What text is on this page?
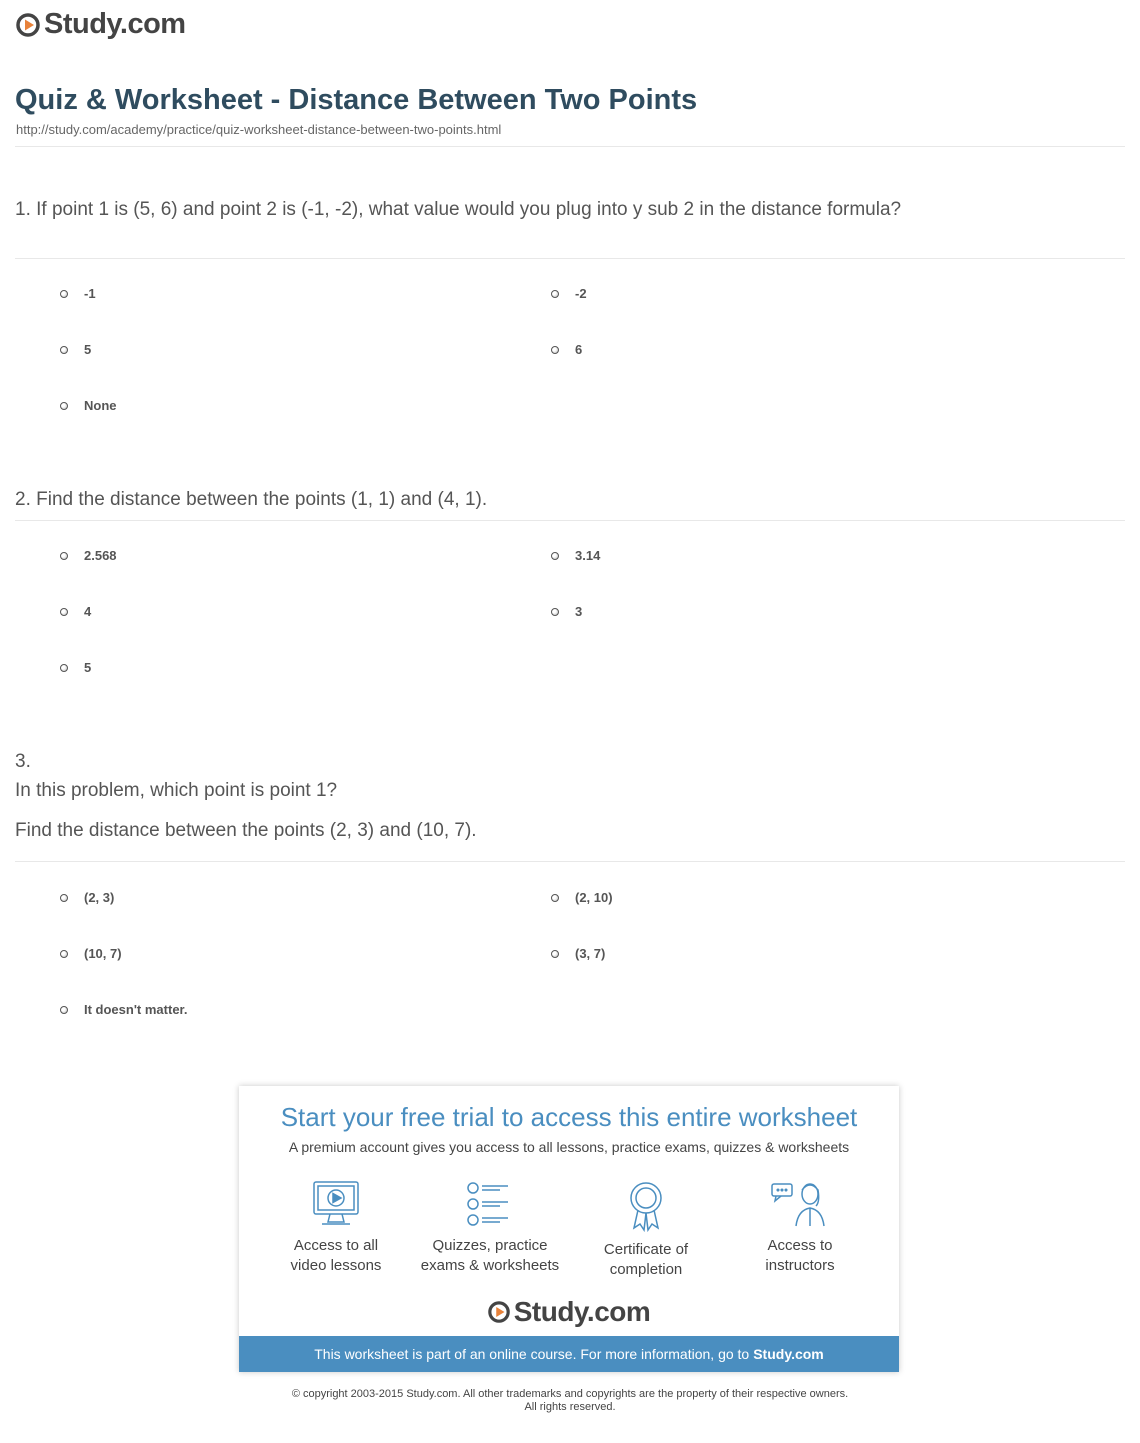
Study.com
Quiz & Worksheet - Distance Between Two Points
http://study.com/academy/practice/quiz-worksheet-distance-between-two-points.html
1. If point 1 is (5, 6) and point 2 is (-1, -2), what value would you plug into y sub 2 in the distance formula?
-1	-2
5	6
None
2. Find the distance between the points (1, 1) and (4, 1).
2.568	3.14
4	3
5
3.
In this problem, which point is point 1?
Find the distance between the points (2, 3) and (10, 7).
(2, 3)	(2, 10)
(10, 7)	(3, 7)
It doesn't matter.
Start your free trial to access this entire worksheet
A premium account gives you access to all lessons, practice exams, quizzes & worksheets
Access to all
video lessons
Quizzes, practice
exams & worksheets
Certificate of
completion
Access to
instructors
Study.com
This worksheet is part of an online course. For more information, go to Study.com
© copyright 2003-2015 Study.com. All other trademarks and copyrights are the property of their respective owners.
All rights reserved.
